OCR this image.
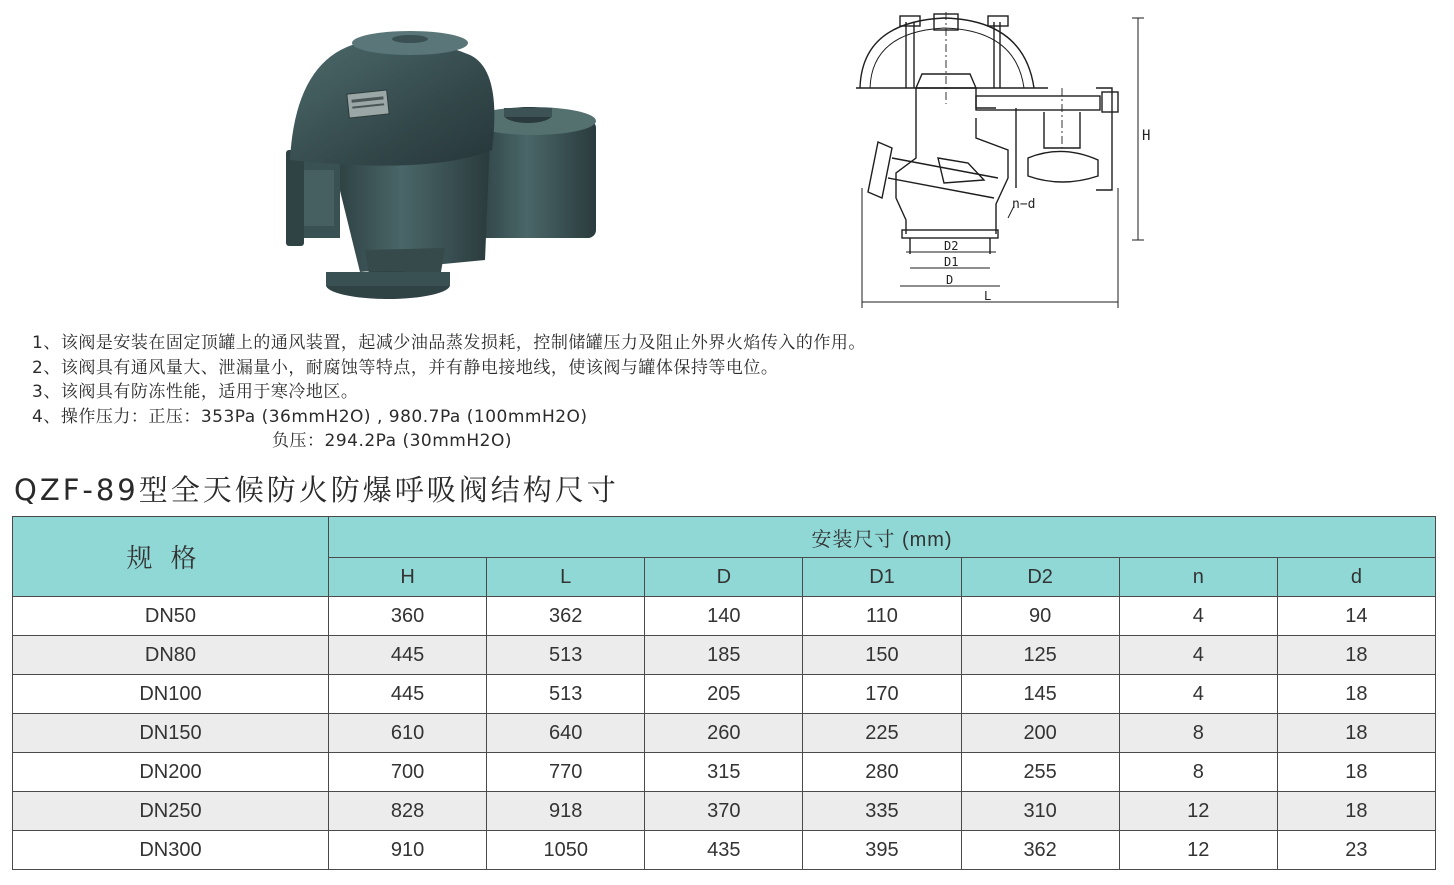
H
n−d
D2
D1
D
L
1、该阀是安装在固定顶罐上的通风装置，起减少油品蒸发损耗，控制储罐压力及阻止外界火焰传入的作用。
2、该阀具有通风量大、泄漏量小，耐腐蚀等特点，并有静电接地线，使该阀与罐体保持等电位。
3、该阀具有防冻性能，适用于寒冷地区。
4、操作压力：正压：353Pa (36mmH2O) , 980.7Pa (100mmH2O)
负压：294.2Pa (30mmH2O)
QZF-89型全天候防火防爆呼吸阀结构尺寸
规格	安装尺寸 (mm)						
	H	L	D	D1	D2	n	d
DN50	360	362	140	110	90	4	14
DN80	445	513	185	150	125	4	18
DN100	445	513	205	170	145	4	18
DN150	610	640	260	225	200	8	18
DN200	700	770	315	280	255	8	18
DN250	828	918	370	335	310	12	18
DN300	910	1050	435	395	362	12	23
